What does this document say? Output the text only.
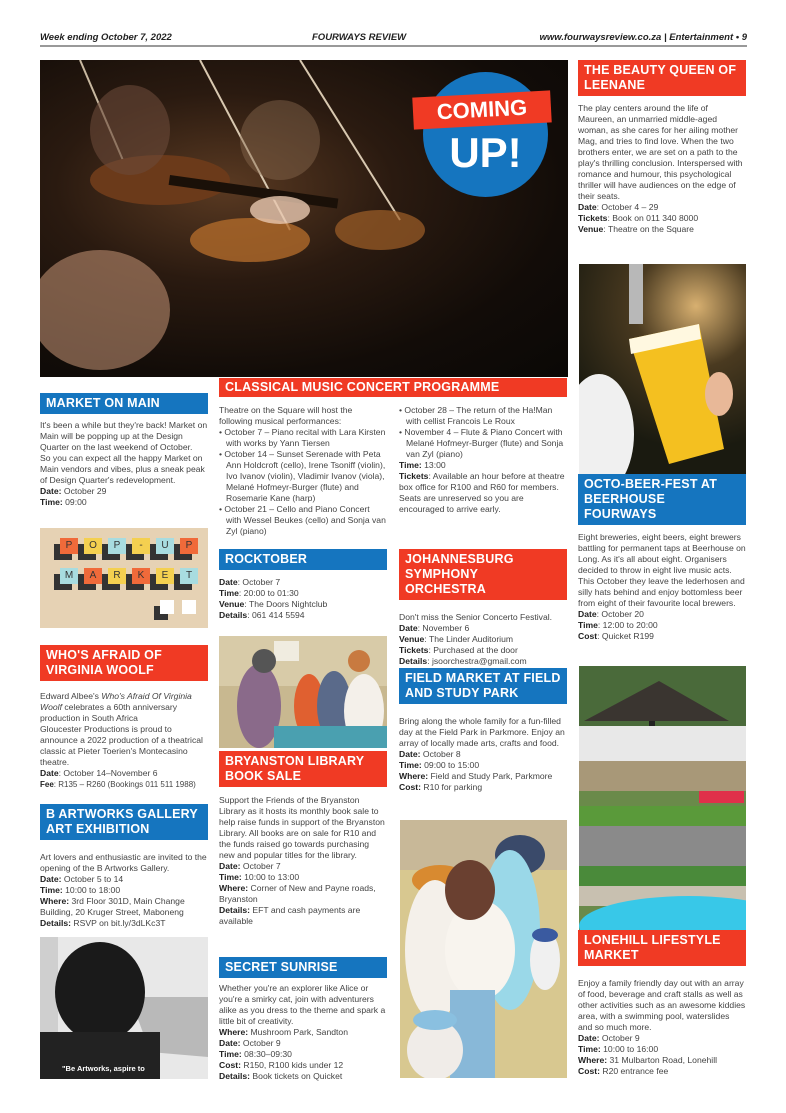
Week ending October 7, 2022	FOURWAYS REVIEW	www.fourwaysreview.co.za | Entertainment • 9
COMING
UP!
THE BEAUTY QUEEN OF LEENANE

The play centers around the life of Maureen, an unmarried middle-aged woman, as she cares for her ailing mother Mag, and tries to find love. When the two brothers enter, we are set on a path to the play's thrilling conclusion. Interspersed with romance and humour, this psychological thriller will have audiences on the edge of their seats.

Date: October 4 – 29

Tickets: Book on 011 340 8000

Venue: Theatre on the Square

OCTO-BEER-FEST AT BEERHOUSE FOURWAYS

Eight breweries, eight beers, eight brewers battling for permanent taps at Beerhouse on Long. As it's all about eight. Organisers decided to throw in eight live music acts.

This October they leave the lederhosen and silly hats behind and enjoy bottomless beer from eight of their favourite local brewers.

Date: October 20

Time: 12:00 to 20:00

Cost: Quicket R199

LONEHILL LIFESTYLE MARKET

Enjoy a family friendly day out with an array of food, beverage and craft stalls as well as other activities such as an awesome kiddies area, with a swimming pool, waterslides and so much more.

Date: October 9

Time: 10:00 to 16:00

Where: 31 Mulbarton Road, Lonehill

Cost: R20 entrance fee

MARKET ON MAIN

It's been a while but they're back! Market on Main will be popping up at the Design Quarter on the last weekend of October.

So you can expect all the happy Market on Main vendors and vibes, plus a sneak peak of Design Quarter's redevelopment.

Date: October 29

Time: 09:00

P	O	P	-	U	P
M	A	R	K	E	T
WHO'S AFRAID OF VIRGINIA WOOLF

Edward Albee's Who's Afraid Of Virginia Woolf celebrates a 60th anniversary production in South Africa

Gloucester Productions is proud to announce a 2022 production of a theatrical classic at Pieter Toerien's Montecasino theatre.

Date: October 14–November 6

Fee: R135 – R260 (Bookings 011 511 1988)

B ARTWORKS GALLERY ART EXHIBITION

Art lovers and enthusiastic are invited to the opening of the B Artworks Gallery.

Date: October 5 to 14

Time: 10:00 to 18:00

Where: 3rd Floor 301D, Main Change Building, 20 Kruger Street, Maboneng

Details: RSVP on bit.ly/3dLKc3T

"Be Artworks, aspire to
CLASSICAL MUSIC CONCERT PROGRAMME

Theatre on the Square will host the following musical performances:

• October 7 – Piano recital with Lara Kirsten with works by Yann Tiersen
• October 14 – Sunset Serenade with Peta Ann Holdcroft (cello), Irene Tsoniff (violin), Ivo Ivanov (violin), Vladimir Ivanov (viola), Melané Hofmeyr-Burger (flute) and Rosemarie Kane (harp)
• October 21 – Cello and Piano Concert with Wessel Beukes (cello) and Sonja van Zyl (piano)
• October 28 – The return of the Ha!Man with cellist Francois Le Roux
• November 4 – Flute & Piano Concert with Melané Hofmeyr-Burger (flute) and Sonja van Zyl (piano)

Time: 13:00

Tickets: Available an hour before at theatre box office for R100 and R60 for members.

Seats are unreserved so you are encouraged to arrive early.

ROCKTOBER

Date: October 7

Time: 20:00 to 01:30

Venue: The Doors Nightclub

Details: 061 414 5594

BRYANSTON LIBRARY BOOK SALE

Support the Friends of the Bryanston Library as it hosts its monthly book sale to help raise funds in support of the Bryanston Library. All books are on sale for R10 and the funds raised go towards purchasing new and popular titles for the library.

Date: October 7

Time: 10:00 to 13:00

Where: Corner of New and Payne roads, Bryanston

Details: EFT and cash payments are available

SECRET SUNRISE

Whether you're an explorer like Alice or you're a smirky cat, join with adventurers alike as you dress to the theme and spark a little bit of creativity.

Where: Mushroom Park, Sandton

Date: October 9

Time: 08:30–09:30

Cost: R150, R100 kids under 12

Details: Book tickets on Quicket

JOHANNESBURG SYMPHONY ORCHESTRA

Don't miss the Senior Concerto Festival.

Date: November 6

Venue: The Linder Auditorium

Tickets: Purchased at the door

Details: jsoorchestra@gmail.com

FIELD MARKET AT FIELD AND STUDY PARK

Bring along the whole family for a fun-filled day at the Field Park in Parkmore. Enjoy an array of locally made arts, crafts and food.

Date: October 8

Time: 09:00 to 15:00

Where: Field and Study Park, Parkmore

Cost: R10 for parking
